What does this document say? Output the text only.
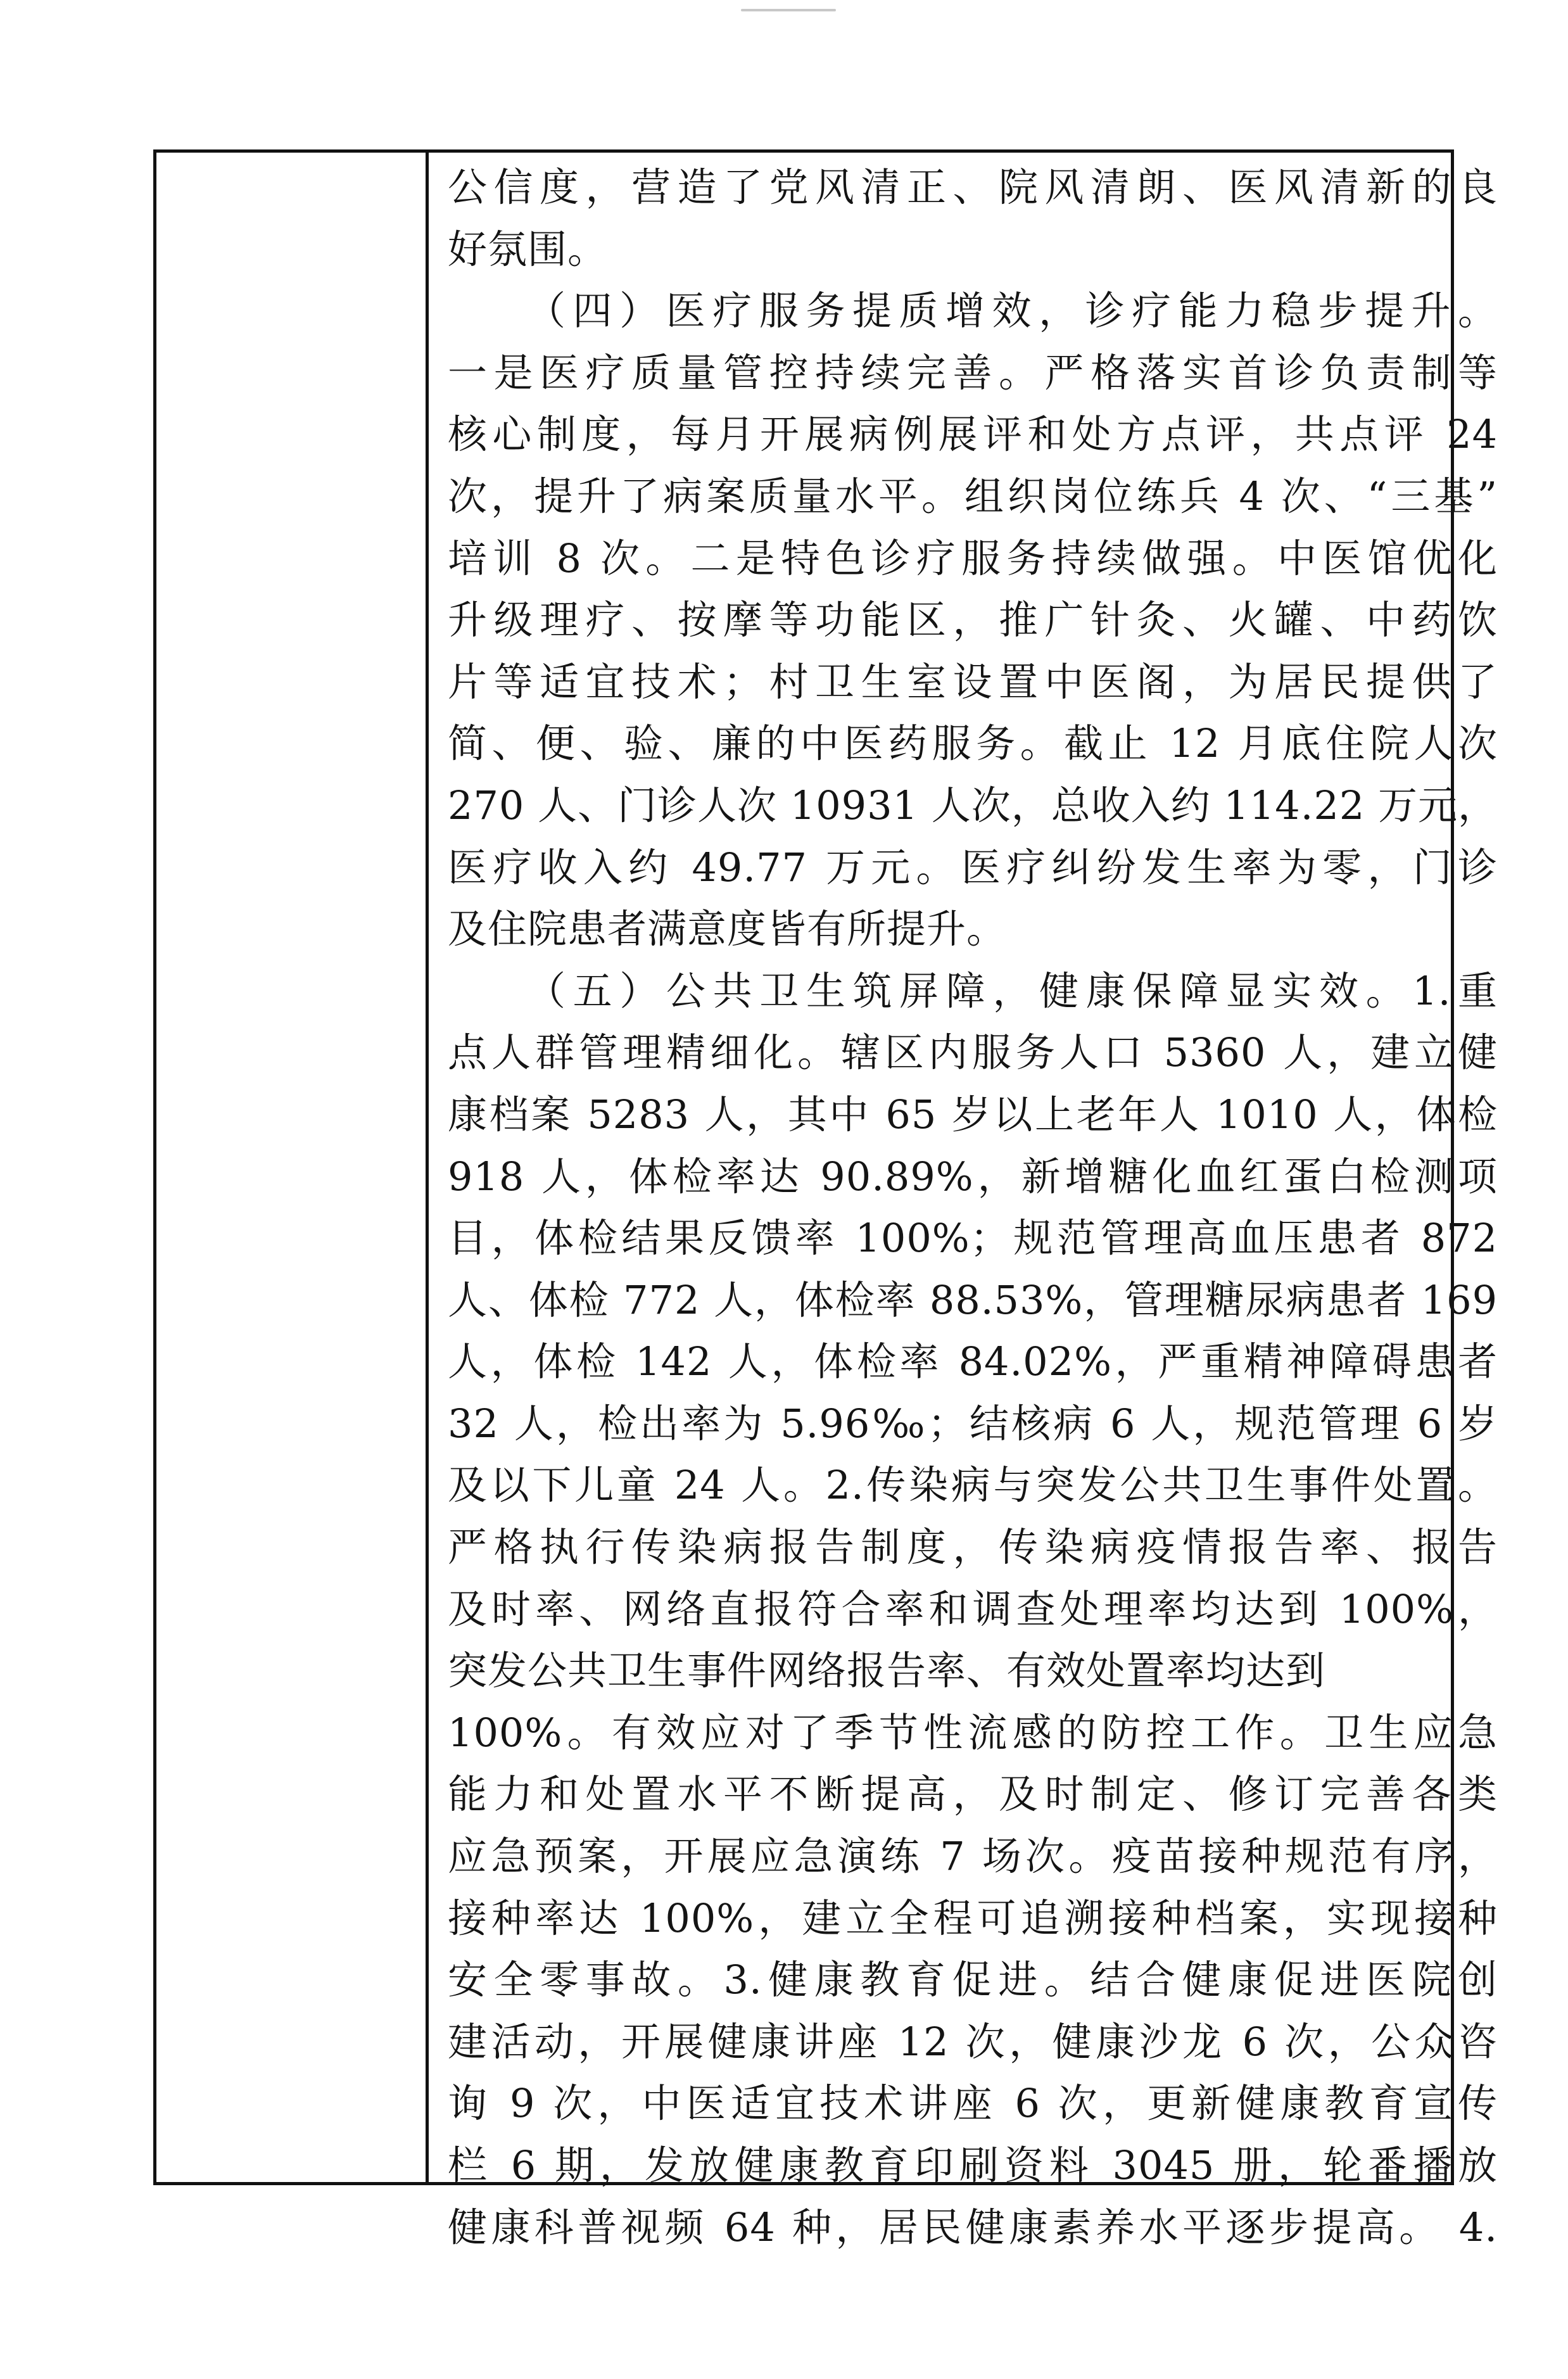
公信度，营造了党风清正、院风清朗、医风清新的良
好氛围。
（四）医疗服务提质增效，诊疗能力稳步提升。
一是医疗质量管控持续完善。严格落实首诊负责制等
核心制度，每月开展病例展评和处方点评，共点评 24
次，提升了病案质量水平。组织岗位练兵 4 次、“三基”
培训 8 次。二是特色诊疗服务持续做强。中医馆优化
升级理疗、按摩等功能区，推广针灸、火罐、中药饮
片等适宜技术；村卫生室设置中医阁，为居民提供了
简、便、验、廉的中医药服务。截止 12 月底住院人次
270 人、门诊人次 10931 人次，总收入约 114.22 万元，
医疗收入约 49.77 万元。医疗纠纷发生率为零，门诊
及住院患者满意度皆有所提升。
（五）公共卫生筑屏障，健康保障显实效。1.重
点人群管理精细化。辖区内服务人口 5360 人，建立健
康档案 5283 人，其中 65 岁以上老年人 1010 人，体检
918 人，体检率达 90.89%，新增糖化血红蛋白检测项
目，体检结果反馈率 100%；规范管理高血压患者 872
人、体检 772 人，体检率 88.53%，管理糖尿病患者 169
人，体检 142 人，体检率 84.02%，严重精神障碍患者
32 人，检出率为 5.96‰；结核病 6 人，规范管理 6 岁
及以下儿童 24 人。2.传染病与突发公共卫生事件处置。
严格执行传染病报告制度，传染病疫情报告率、报告
及时率、网络直报符合率和调查处理率均达到 100%，
突发公共卫生事件网络报告率、有效处置率均达到
100%。有效应对了季节性流感的防控工作。卫生应急
能力和处置水平不断提高，及时制定、修订完善各类
应急预案，开展应急演练 7 场次。疫苗接种规范有序，
接种率达 100%，建立全程可追溯接种档案，实现接种
安全零事故。3.健康教育促进。结合健康促进医院创
建活动，开展健康讲座 12 次，健康沙龙 6 次，公众咨
询 9 次，中医适宜技术讲座 6 次，更新健康教育宣传
栏 6 期，发放健康教育印刷资料 3045 册，轮番播放
健康科普视频 64 种，居民健康素养水平逐步提高。 4.
